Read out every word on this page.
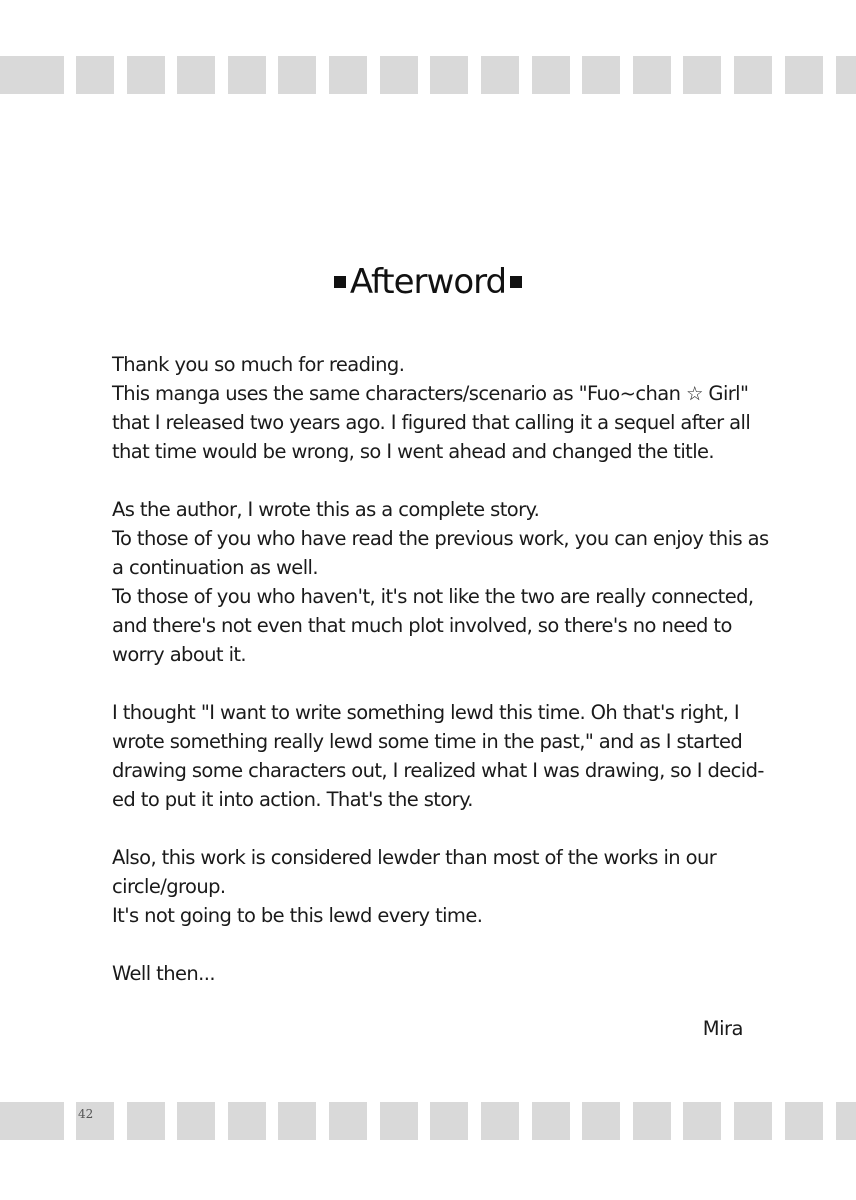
42
Afterword
Thank you so much for reading.
This manga uses the same characters/scenario as "Fuo~chan ☆ Girl"
that I released two years ago. I figured that calling it a sequel after all
that time would be wrong, so I went ahead and changed the title.
As the author, I wrote this as a complete story.
To those of you who have read the previous work, you can enjoy this as
a continuation as well.
To those of you who haven't, it's not like the two are really connected,
and there's not even that much plot involved, so there's no need to
worry about it.
I thought "I want to write something lewd this time. Oh that's right, I
wrote something really lewd some time in the past," and as I started
drawing some characters out, I realized what I was drawing, so I decid-
ed to put it into action. That's the story.
Also, this work is considered lewder than most of the works in our
circle/group.
It's not going to be this lewd every time.
Well then...
Mira
